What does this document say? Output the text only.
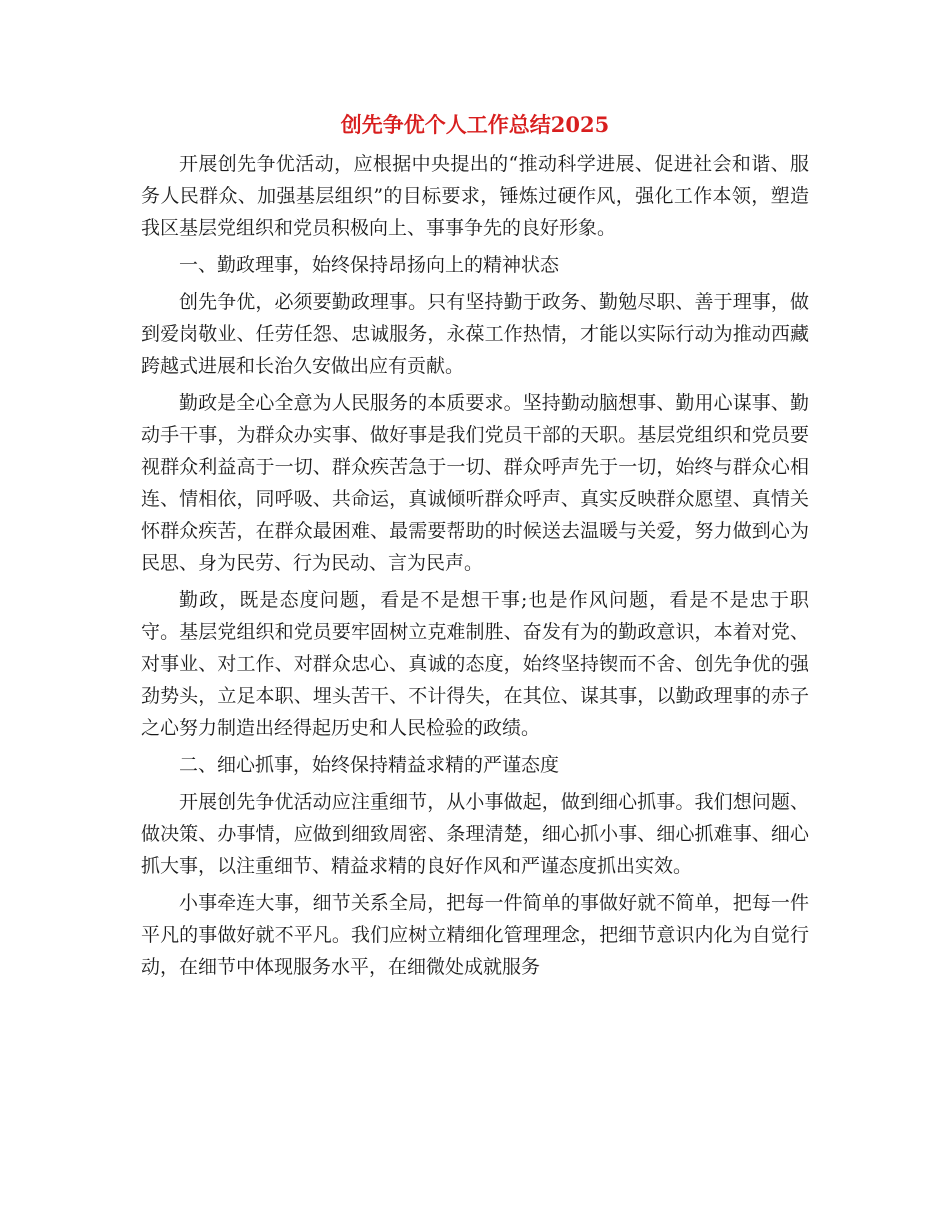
创先争优个人工作总结2025

开展创先争优活动，应根据中央提出的“推动科学进展、促进社会和谐、服务人民群众、加强基层组织”的目标要求，锤炼过硬作风，强化工作本领，塑造我区基层党组织和党员积极向上、事事争先的良好形象。

一、勤政理事，始终保持昂扬向上的精神状态

创先争优，必须要勤政理事。只有坚持勤于政务、勤勉尽职、善于理事，做到爱岗敬业、任劳任怨、忠诚服务，永葆工作热情，才能以实际行动为推动西藏跨越式进展和长治久安做出应有贡献。

勤政是全心全意为人民服务的本质要求。坚持勤动脑想事、勤用心谋事、勤动手干事，为群众办实事、做好事是我们党员干部的天职。基层党组织和党员要视群众利益高于一切、群众疾苦急于一切、群众呼声先于一切，始终与群众心相连、情相依，同呼吸、共命运，真诚倾听群众呼声、真实反映群众愿望、真情关怀群众疾苦，在群众最困难、最需要帮助的时候送去温暖与关爱，努力做到心为民思、身为民劳、行为民动、言为民声。

勤政，既是态度问题，看是不是想干事;也是作风问题，看是不是忠于职守。基层党组织和党员要牢固树立克难制胜、奋发有为的勤政意识，本着对党、对事业、对工作、对群众忠心、真诚的态度，始终坚持锲而不舍、创先争优的强劲势头，立足本职、埋头苦干、不计得失，在其位、谋其事，以勤政理事的赤子之心努力制造出经得起历史和人民检验的政绩。

二、细心抓事，始终保持精益求精的严谨态度

开展创先争优活动应注重细节，从小事做起，做到细心抓事。我们想问题、做决策、办事情，应做到细致周密、条理清楚，细心抓小事、细心抓难事、细心抓大事，以注重细节、精益求精的良好作风和严谨态度抓出实效。

小事牵连大事，细节关系全局，把每一件简单的事做好就不简单，把每一件平凡的事做好就不平凡。我们应树立精细化管理理念，把细节意识内化为自觉行动，在细节中体现服务水平，在细微处成就服务
